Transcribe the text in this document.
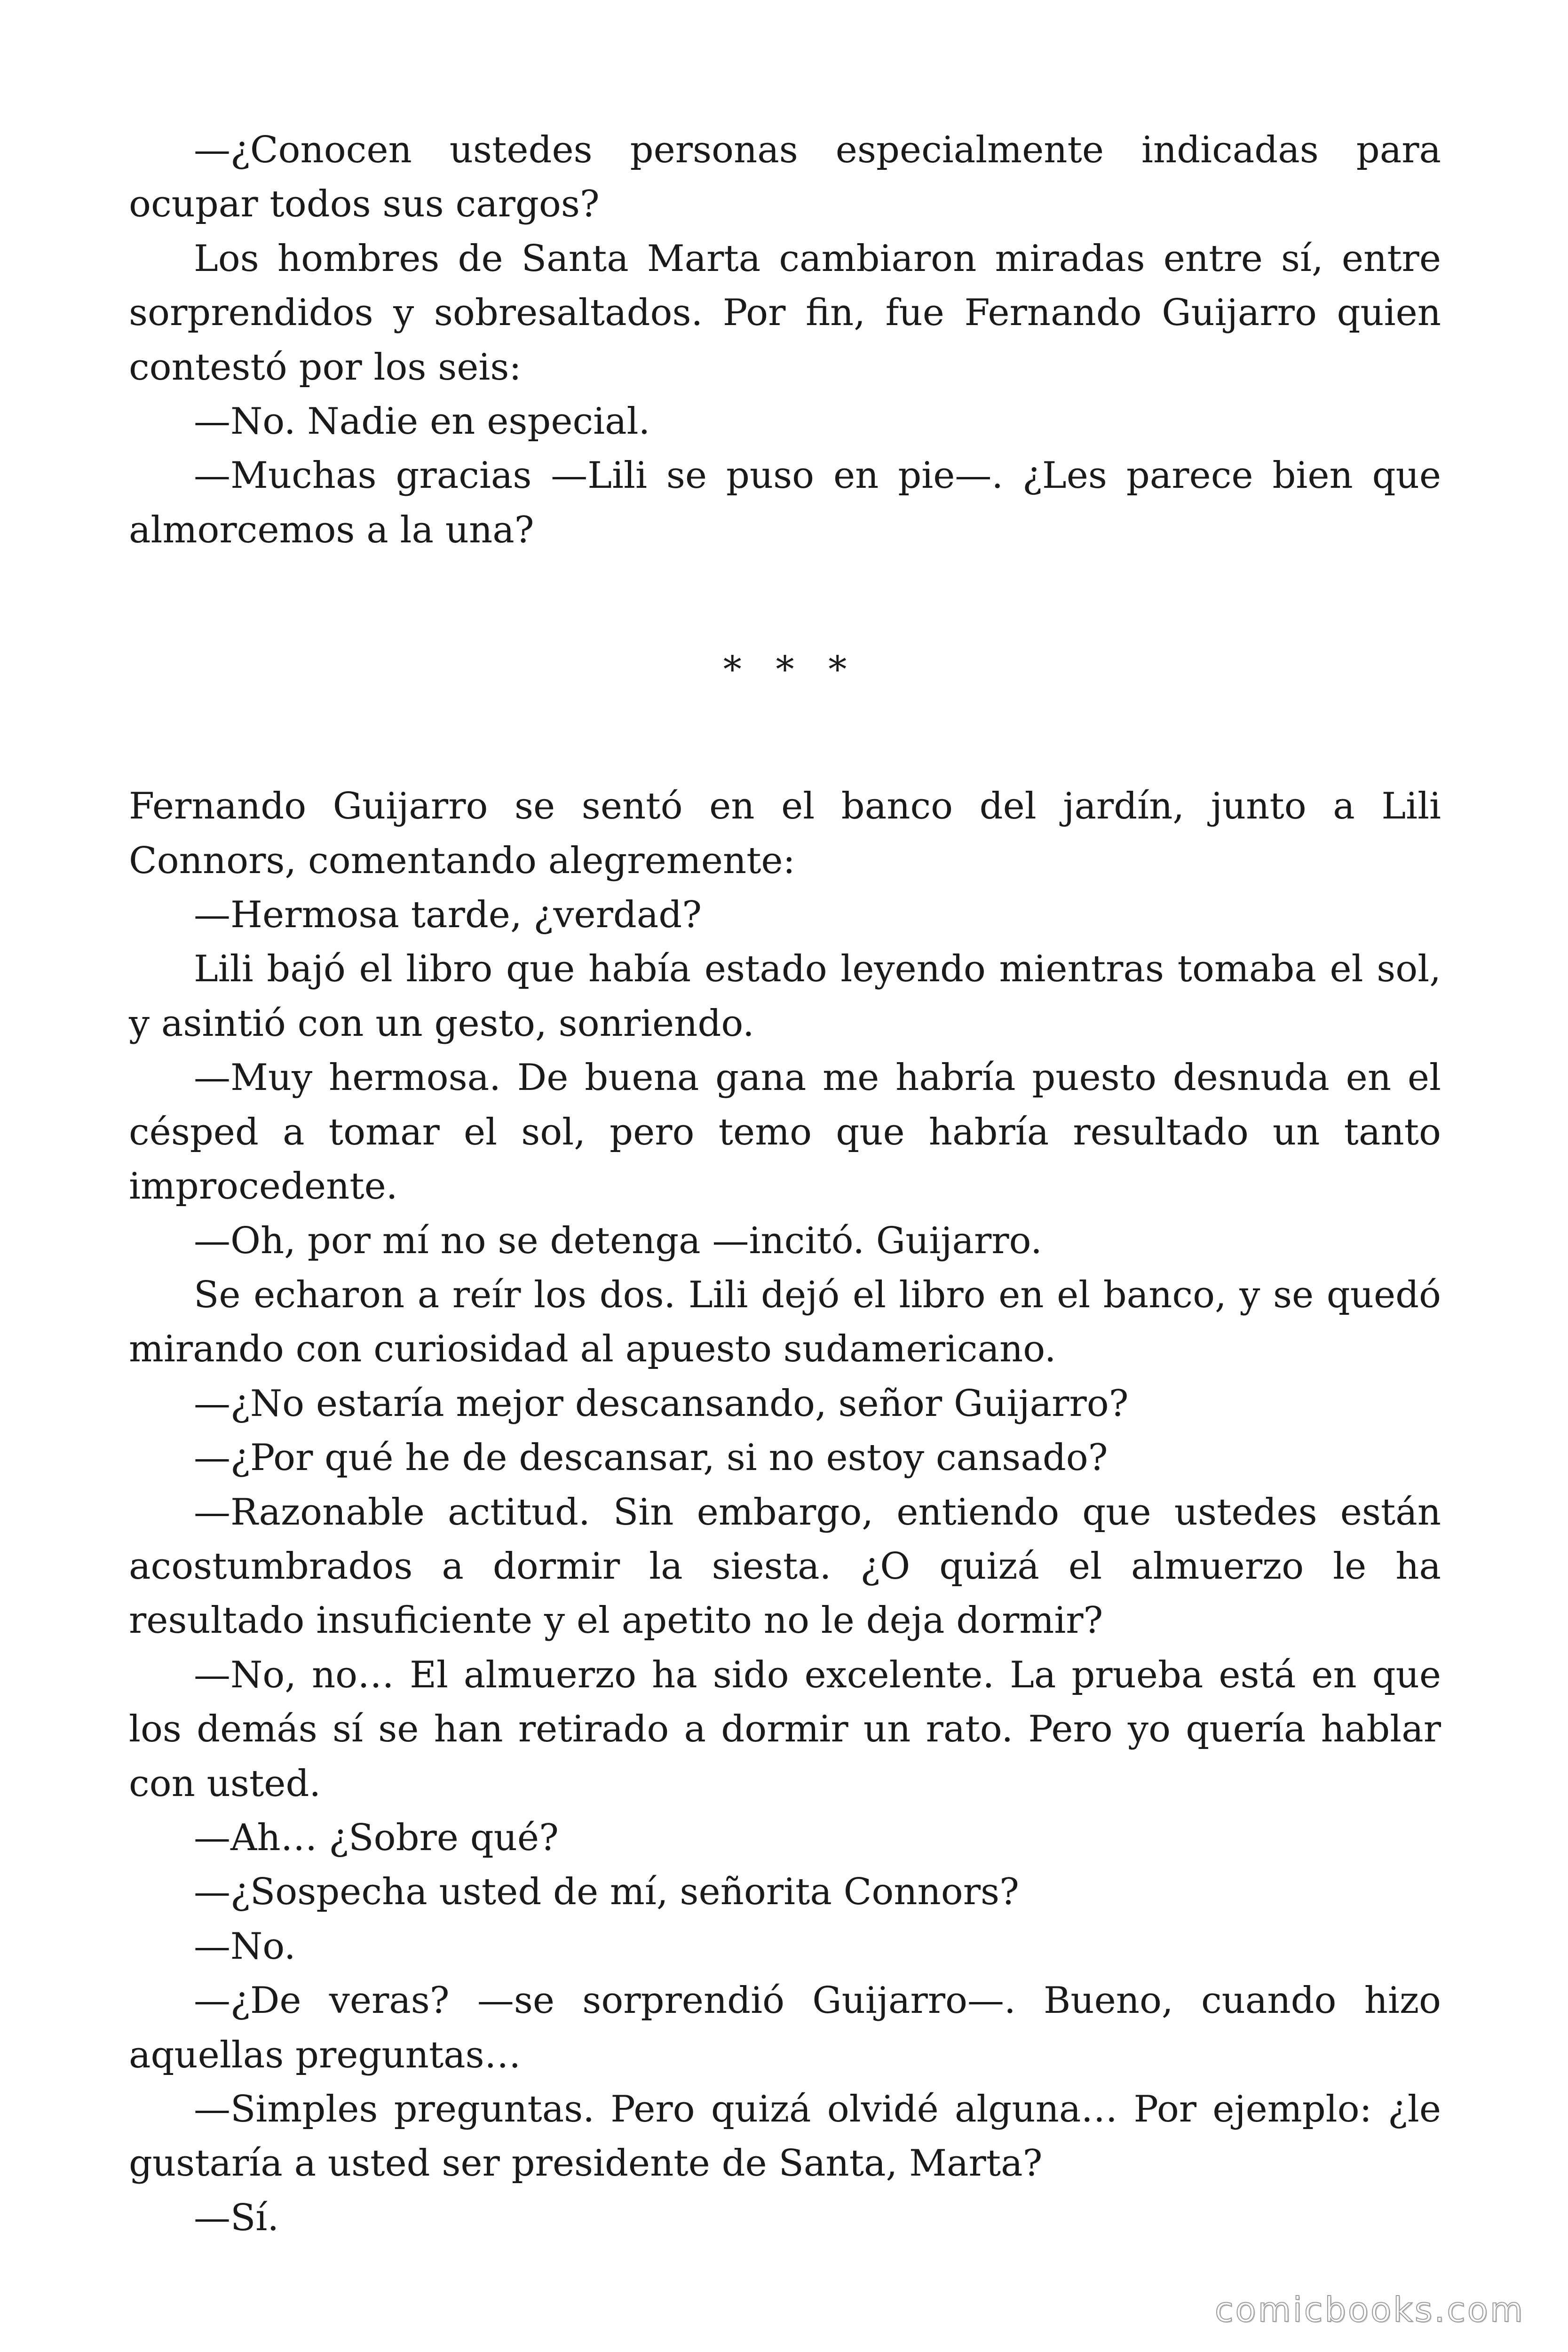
—¿Conocen ustedes personas especialmente indicadas para ocupar todos sus cargos?

Los hombres de Santa Marta cambiaron miradas entre sí, entre sorprendidos y sobresaltados. Por fin, fue Fernando Guijarro quien contestó por los seis:

—No. Nadie en especial.

—Muchas gracias —Lili se puso en pie—. ¿Les parece bien que almorcemos a la una?

* * *

Fernando Guijarro se sentó en el banco del jardín, junto a Lili Connors, comentando alegremente:

—Hermosa tarde, ¿verdad?

Lili bajó el libro que había estado leyendo mientras tomaba el sol, y asintió con un gesto, sonriendo.

—Muy hermosa. De buena gana me habría puesto desnuda en el césped a tomar el sol, pero temo que habría resultado un tanto improcedente.

—Oh, por mí no se detenga —incitó. Guijarro.

Se echaron a reír los dos. Lili dejó el libro en el banco, y se quedó mirando con curiosidad al apuesto sudamericano.

—¿No estaría mejor descansando, señor Guijarro?

—¿Por qué he de descansar, si no estoy cansado?

—Razonable actitud. Sin embargo, entiendo que ustedes están acostumbrados a dormir la siesta. ¿O quizá el almuerzo le ha resultado insuficiente y el apetito no le deja dormir?

—No, no… El almuerzo ha sido excelente. La prueba está en que los demás sí se han retirado a dormir un rato. Pero yo quería hablar con usted.

—Ah… ¿Sobre qué?

—¿Sospecha usted de mí, señorita Connors?

—No.

—¿De veras? —se sorprendió Guijarro—. Bueno, cuando hizo aquellas preguntas…

—Simples preguntas. Pero quizá olvidé alguna… Por ejemplo: ¿le gustaría a usted ser presidente de Santa, Marta?

—Sí.

comicbooks.com
